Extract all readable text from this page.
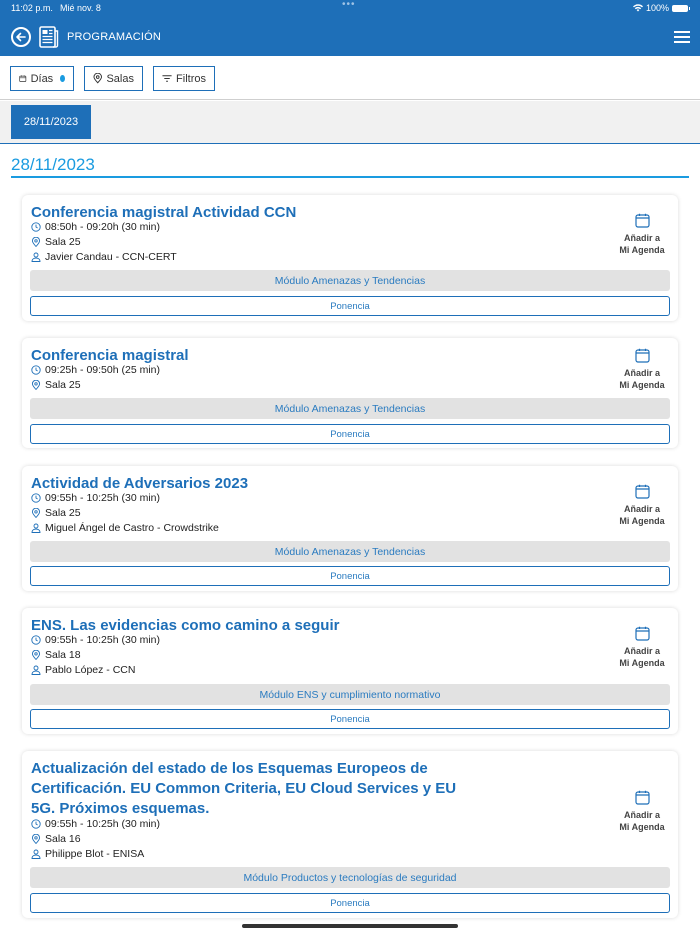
11:02 p.m. Mié nov. 8	•••	100%
PROGRAMACIÓN
Días	Salas	Filtros
28/11/2023
28/11/2023
Conferencia magistral Actividad CCN
08:50h - 09:20h (30 min)
Sala 25
Javier Candau - CCN-CERT
Añadir a
Mi Agenda
Módulo Amenazas y Tendencias
Ponencia
Conferencia magistral
09:25h - 09:50h (25 min)
Sala 25
Añadir a
Mi Agenda
Módulo Amenazas y Tendencias
Ponencia
Actividad de Adversarios 2023
09:55h - 10:25h (30 min)
Sala 25
Miguel Ángel de Castro - Crowdstrike
Añadir a
Mi Agenda
Módulo Amenazas y Tendencias
Ponencia
ENS. Las evidencias como camino a seguir
09:55h - 10:25h (30 min)
Sala 18
Pablo López - CCN
Añadir a
Mi Agenda
Módulo ENS y cumplimiento normativo
Ponencia
Actualización del estado de los Esquemas Europeos de Certificación. EU Common Criteria, EU Cloud Services y EU 5G. Próximos esquemas.
09:55h - 10:25h (30 min)
Sala 16
Philippe Blot - ENISA
Añadir a
Mi Agenda
Módulo Productos y tecnologías de seguridad
Ponencia
